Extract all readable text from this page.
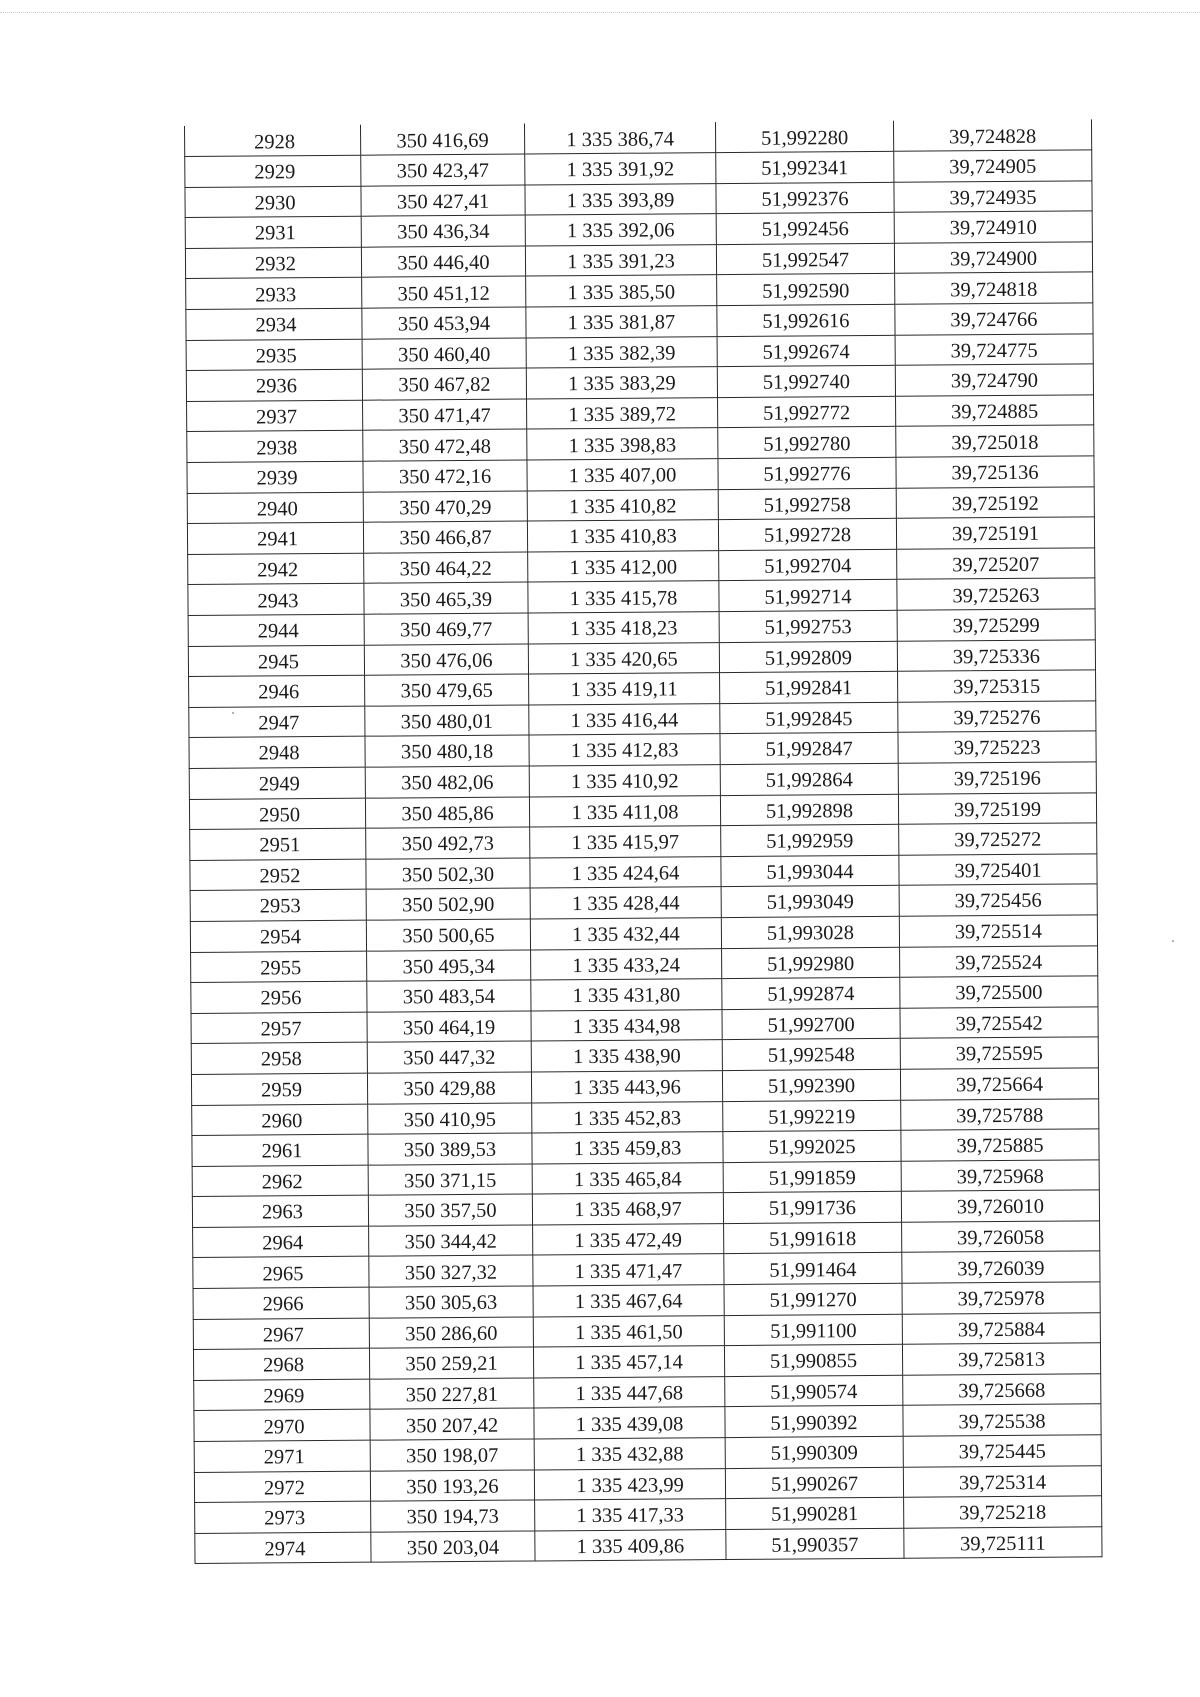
2928	350 416,69	1 335 386,74	51,992280	39,724828
2929	350 423,47	1 335 391,92	51,992341	39,724905
2930	350 427,41	1 335 393,89	51,992376	39,724935
2931	350 436,34	1 335 392,06	51,992456	39,724910
2932	350 446,40	1 335 391,23	51,992547	39,724900
2933	350 451,12	1 335 385,50	51,992590	39,724818
2934	350 453,94	1 335 381,87	51,992616	39,724766
2935	350 460,40	1 335 382,39	51,992674	39,724775
2936	350 467,82	1 335 383,29	51,992740	39,724790
2937	350 471,47	1 335 389,72	51,992772	39,724885
2938	350 472,48	1 335 398,83	51,992780	39,725018
2939	350 472,16	1 335 407,00	51,992776	39,725136
2940	350 470,29	1 335 410,82	51,992758	39,725192
2941	350 466,87	1 335 410,83	51,992728	39,725191
2942	350 464,22	1 335 412,00	51,992704	39,725207
2943	350 465,39	1 335 415,78	51,992714	39,725263
2944	350 469,77	1 335 418,23	51,992753	39,725299
2945	350 476,06	1 335 420,65	51,992809	39,725336
2946	350 479,65	1 335 419,11	51,992841	39,725315
2947	350 480,01	1 335 416,44	51,992845	39,725276
2948	350 480,18	1 335 412,83	51,992847	39,725223
2949	350 482,06	1 335 410,92	51,992864	39,725196
2950	350 485,86	1 335 411,08	51,992898	39,725199
2951	350 492,73	1 335 415,97	51,992959	39,725272
2952	350 502,30	1 335 424,64	51,993044	39,725401
2953	350 502,90	1 335 428,44	51,993049	39,725456
2954	350 500,65	1 335 432,44	51,993028	39,725514
2955	350 495,34	1 335 433,24	51,992980	39,725524
2956	350 483,54	1 335 431,80	51,992874	39,725500
2957	350 464,19	1 335 434,98	51,992700	39,725542
2958	350 447,32	1 335 438,90	51,992548	39,725595
2959	350 429,88	1 335 443,96	51,992390	39,725664
2960	350 410,95	1 335 452,83	51,992219	39,725788
2961	350 389,53	1 335 459,83	51,992025	39,725885
2962	350 371,15	1 335 465,84	51,991859	39,725968
2963	350 357,50	1 335 468,97	51,991736	39,726010
2964	350 344,42	1 335 472,49	51,991618	39,726058
2965	350 327,32	1 335 471,47	51,991464	39,726039
2966	350 305,63	1 335 467,64	51,991270	39,725978
2967	350 286,60	1 335 461,50	51,991100	39,725884
2968	350 259,21	1 335 457,14	51,990855	39,725813
2969	350 227,81	1 335 447,68	51,990574	39,725668
2970	350 207,42	1 335 439,08	51,990392	39,725538
2971	350 198,07	1 335 432,88	51,990309	39,725445
2972	350 193,26	1 335 423,99	51,990267	39,725314
2973	350 194,73	1 335 417,33	51,990281	39,725218
2974	350 203,04	1 335 409,86	51,990357	39,725111
